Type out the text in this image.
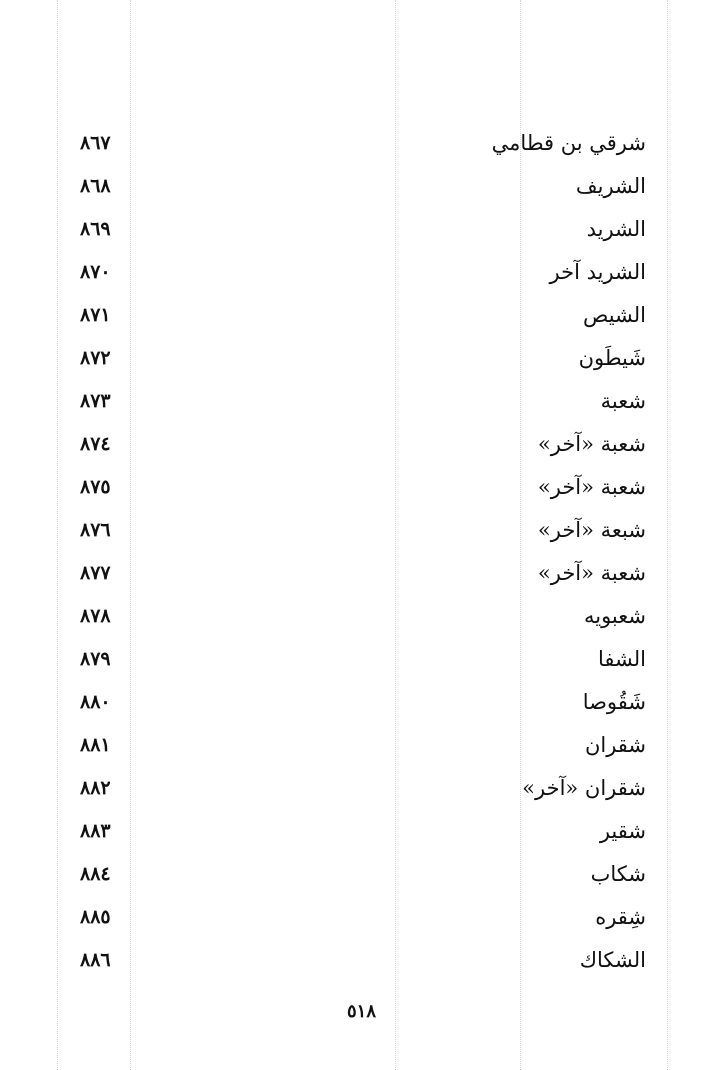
شرقي بن قطامي
٨٦٧
الشريف
٨٦٨
الشريد
٨٦٩
الشريد آخر
٨٧٠
الشيص
٨٧١
شَيطَون
٨٧٢
شعبة
٨٧٣
شعبة «آخر»
٨٧٤
شعبة «آخر»
٨٧٥
شبعة «آخر»
٨٧٦
شعبة «آخر»
٨٧٧
شعبويه
٨٧٨
الشفا
٨٧٩
شَقُوصا
٨٨٠
شقران
٨٨١
شقران «آخر»
٨٨٢
شقير
٨٨٣
شكاب
٨٨٤
شِقره
٨٨٥
الشكاك
٨٨٦
٥١٨
